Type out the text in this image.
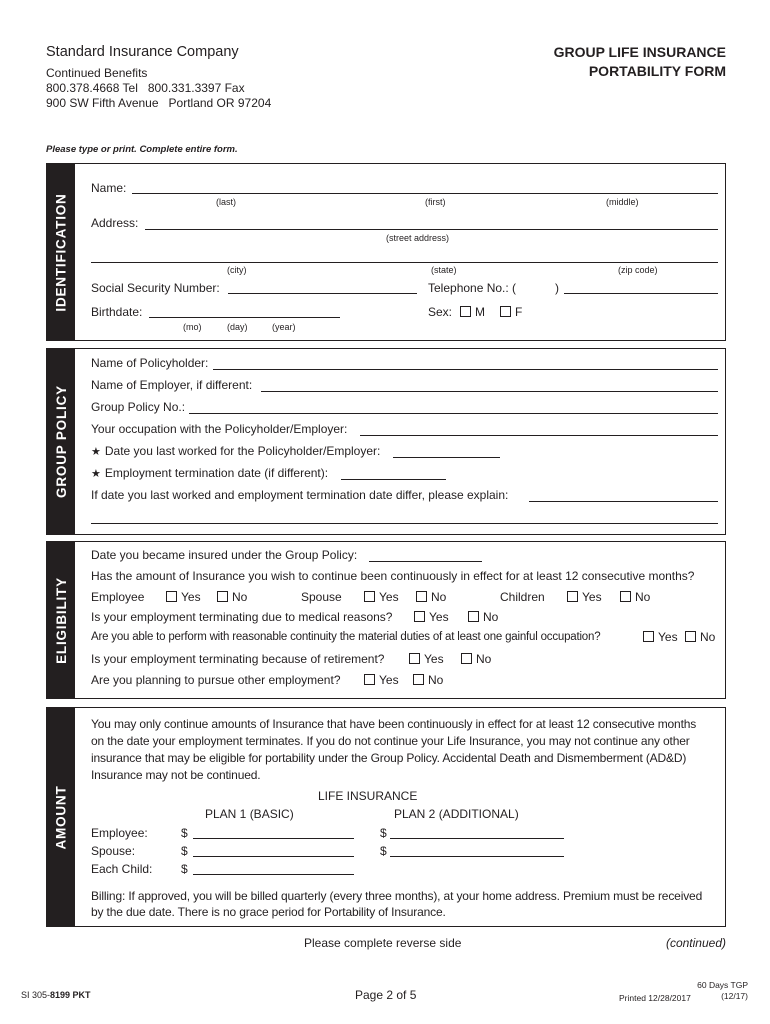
Standard Insurance Company
Continued Benefits
800.378.4668 Tel   800.331.3397 Fax
900 SW Fifth Avenue   Portland OR 97204
GROUP LIFE INSURANCE
PORTABILITY FORM
Please type or print. Complete entire form.
IDENTIFICATION
Name:
(last)	(first)	(middle)
Address:
(street address)
(city)	(state)	(zip code)
Social Security Number:	Telephone No.: (	)
Birthdate:
(mo)	(day)	(year)
Sex:	M	F
GROUP POLICY
Name of Policyholder:
Name of Employer, if different:
Group Policy No.:
Your occupation with the Policyholder/Employer:
★ Date you last worked for the Policyholder/Employer:
★ Employment termination date (if different):
If date you last worked and employment termination date differ, please explain:
ELIGIBILITY
Date you became insured under the Group Policy:
Has the amount of Insurance you wish to continue been continuously in effect for at least 12 consecutive months?
Employee	Yes	No	Spouse	Yes	No	Children	Yes	No
Is your employment terminating due to medical reasons?	Yes	No
Are you able to perform with reasonable continuity the material duties of at least one gainful occupation?	Yes	No
Is your employment terminating because of retirement?	Yes	No
Are you planning to pursue other employment?	Yes	No
AMOUNT
You may only continue amounts of Insurance that have been continuously in effect for at least 12 consecutive months
on the date your employment terminates. If you do not continue your Life Insurance, you may not continue any other
insurance that may be eligible for portability under the Group Policy. Accidental Death and Dismemberment (AD&D)
Insurance may not be continued.
LIFE INSURANCE
PLAN 1 (BASIC)	PLAN 2 (ADDITIONAL)
Employee:	$	$
Spouse:	$	$
Each Child: $
Billing: If approved, you will be billed quarterly (every three months), at your home address. Premium must be received
by the due date. There is no grace period for Portability of Insurance.
Please complete reverse side	(continued)
SI 305-8199 PKT	Page 2 of 5
60 Days TGP
Printed 12/28/2017	(12/17)
